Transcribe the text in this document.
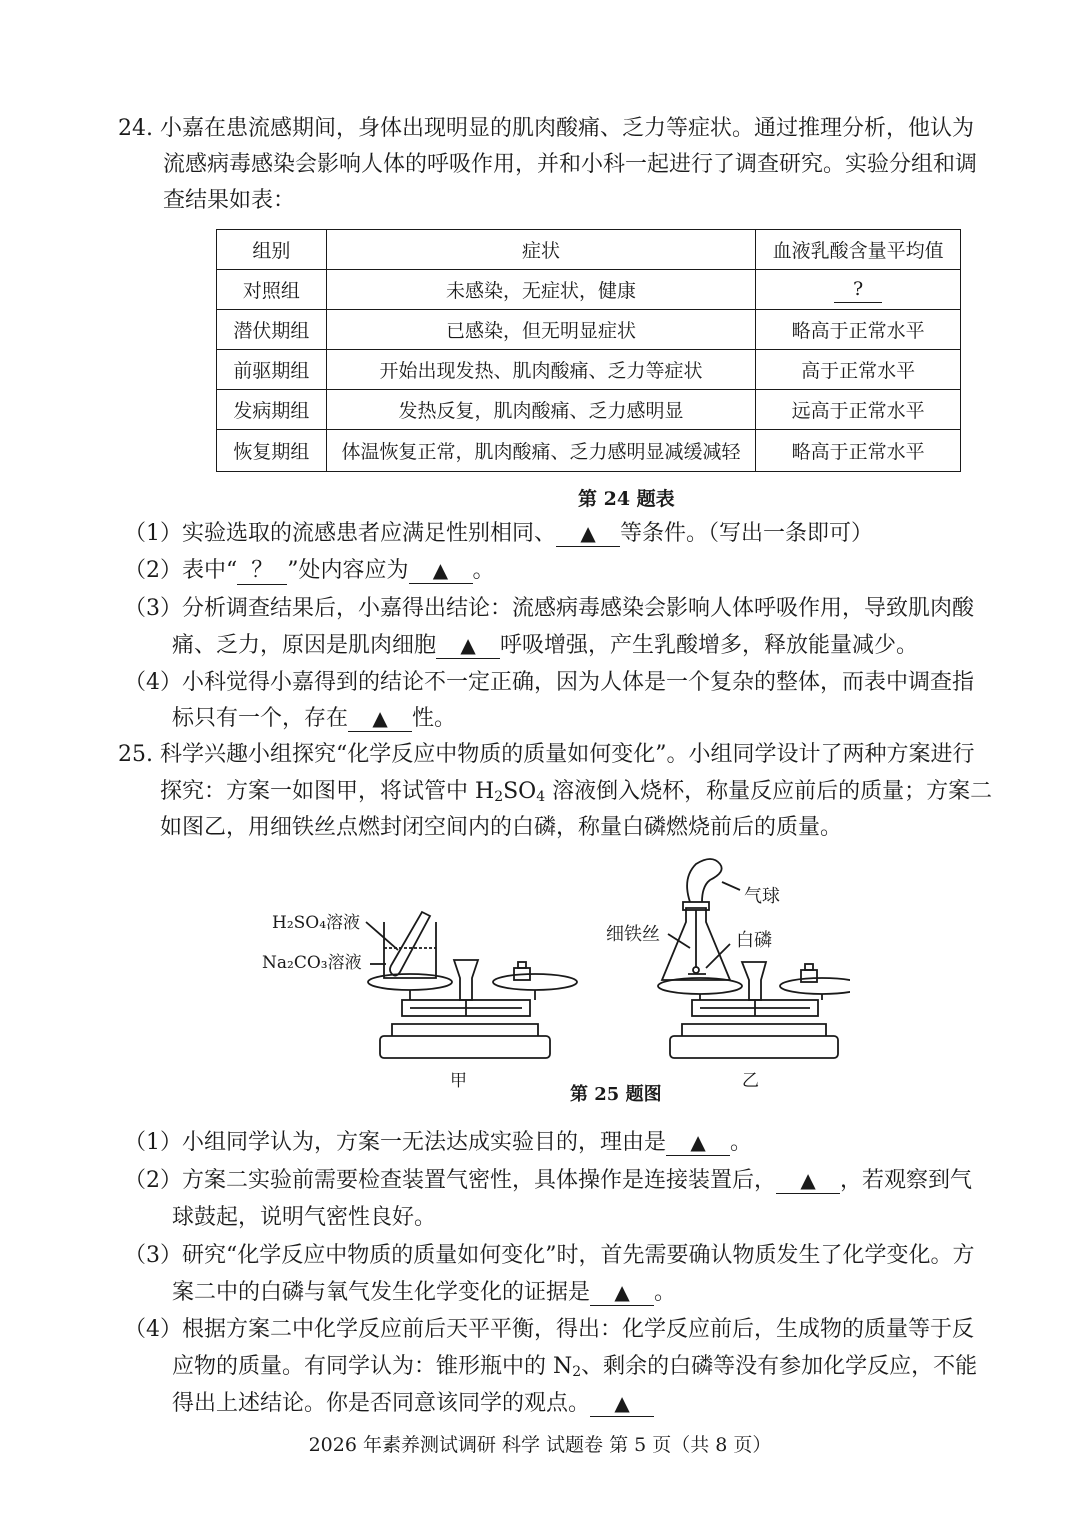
24. 小嘉在患流感期间，身体出现明显的肌肉酸痛、乏力等症状。通过推理分析，他认为
流感病毒感染会影响人体的呼吸作用，并和小科一起进行了调查研究。实验分组和调
查结果如表：
组别	症状	血液乳酸含量平均值
对照组	未感染，无症状，健康	?
潜伏期组	已感染，但无明显症状	略高于正常水平
前驱期组	开始出现发热、肌肉酸痛、乏力等症状	高于正常水平
发病期组	发热反复，肌肉酸痛、乏力感明显	远高于正常水平
恢复期组	体温恢复正常，肌肉酸痛、乏力感明显减缓减轻	略高于正常水平
第 24 题表
（1）实验选取的流感患者应满足性别相同、 ▲ 等条件。（写出一条即可）
（2）表中“ ？ ”处内容应为 ▲ 。
（3）分析调查结果后，小嘉得出结论：流感病毒感染会影响人体呼吸作用，导致肌肉酸
痛、乏力，原因是肌肉细胞 ▲ 呼吸增强，产生乳酸增多，释放能量减少。
（4）小科觉得小嘉得到的结论不一定正确，因为人体是一个复杂的整体，而表中调查指
标只有一个，存在 ▲ 性。
25. 科学兴趣小组探究“化学反应中物质的质量如何变化”。小组同学设计了两种方案进行
探究：方案一如图甲，将试管中 $H_2SO_4$ 溶液倒入烧杯，称量反应前后的质量；方案二
如图乙，用细铁丝点燃封闭空间内的白磷，称量白磷燃烧前后的质量。
H₂SO₄溶液
Na₂CO₃溶液
气球
细铁丝	白磷
甲	乙
第 25 题图
（1）小组同学认为，方案一无法达成实验目的，理由是 ▲ 。
（2）方案二实验前需要检查装置气密性，具体操作是连接装置后， ▲ ，若观察到气
球鼓起，说明气密性良好。
（3）研究“化学反应中物质的质量如何变化”时，首先需要确认物质发生了化学变化。方
案二中的白磷与氧气发生化学变化的证据是 ▲ 。
（4）根据方案二中化学反应前后天平平衡，得出：化学反应前后，生成物的质量等于反
应物的质量。有同学认为：锥形瓶中的 $N_2$、剩余的白磷等没有参加化学反应，不能
得出上述结论。你是否同意该同学的观点。 ▲
2026 年素养测试调研 科学 试题卷 第 5 页（共 8 页）
